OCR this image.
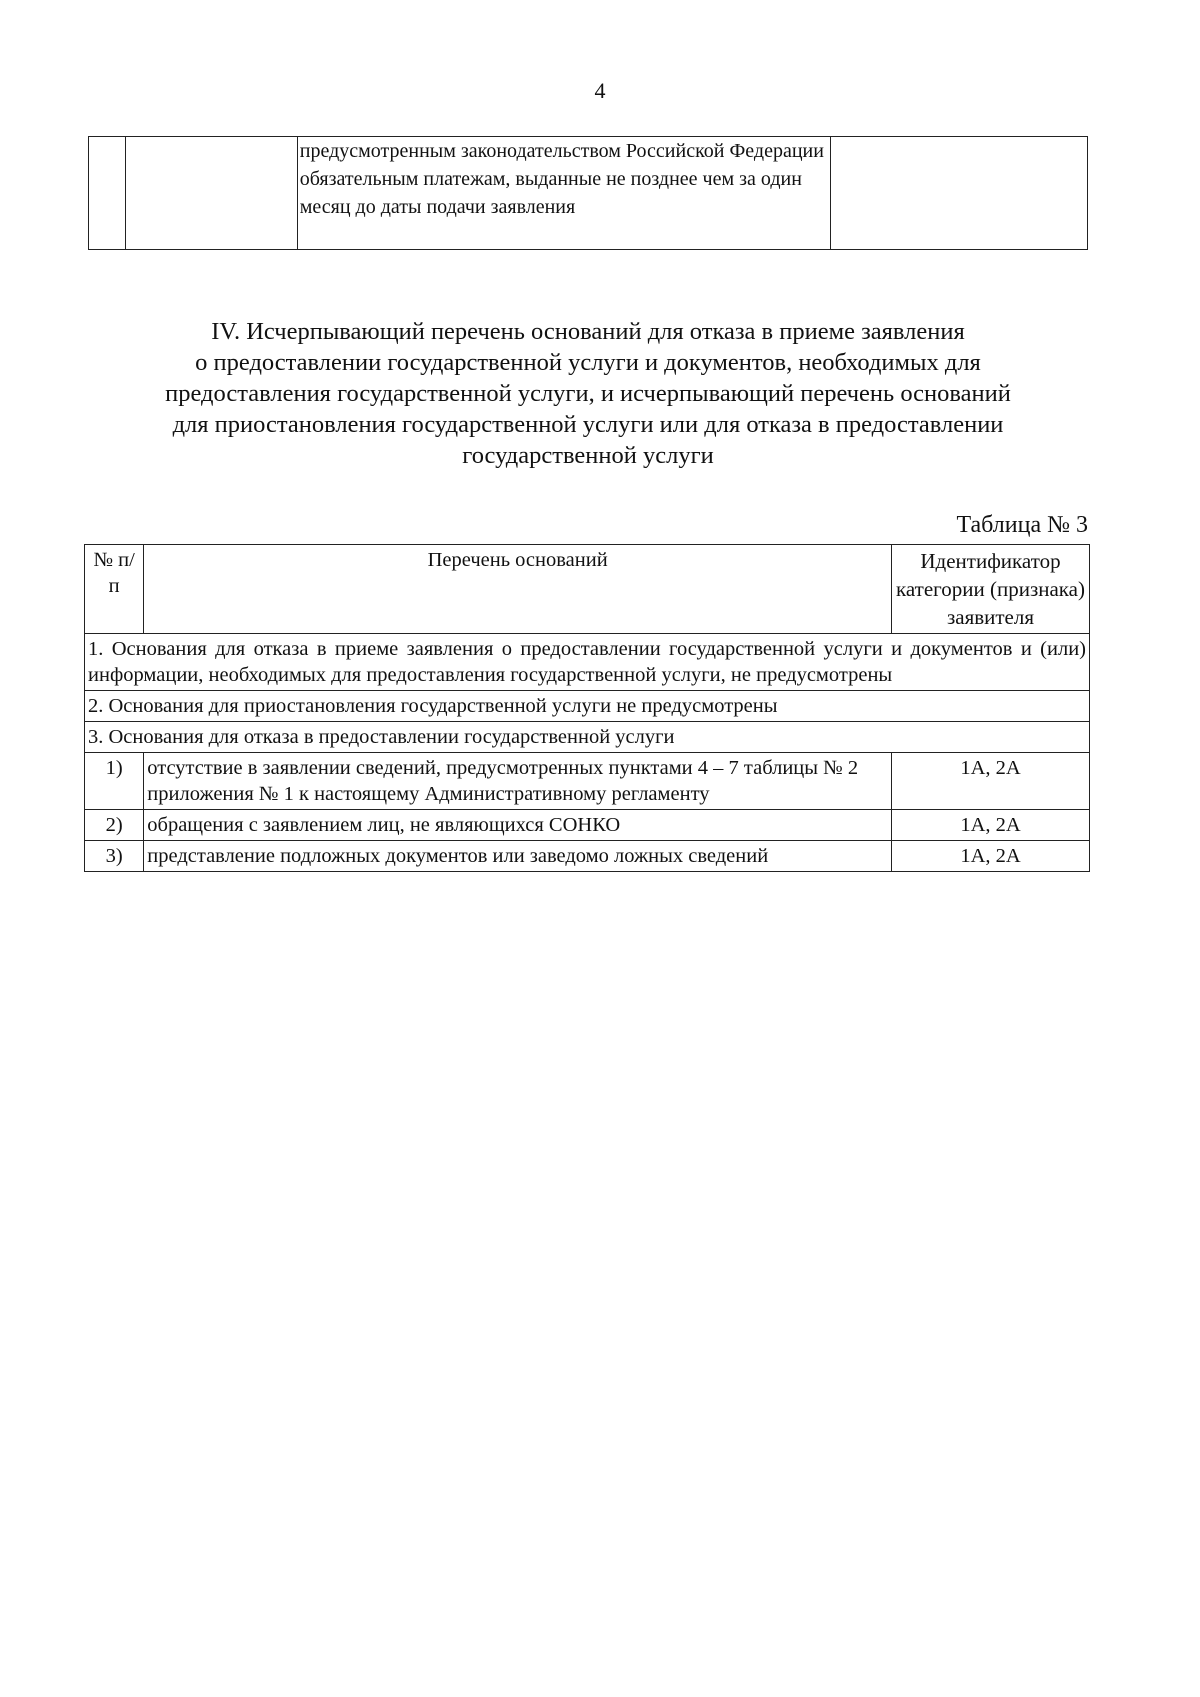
4
		предусмотренным законодательством Российской Федерации обязательным платежам, выданные не позднее чем за один месяц до даты подачи заявления	
IV. Исчерпывающий перечень оснований для отказа в приеме заявления
о предоставлении государственной услуги и документов, необходимых для
предоставления государственной услуги, и исчерпывающий перечень оснований
для приостановления государственной услуги или для отказа в предоставлении
государственной услуги
Таблица № 3
№ п/п	Перечень оснований	Идентификатор категории (признака) заявителя
1. Основания для отказа в приеме заявления о предоставлении государственной услуги и документов и (или) информации, необходимых для предоставления государственной услуги, не предусмотрены		
2. Основания для приостановления государственной услуги не предусмотрены		
3. Основания для отказа в предоставлении государственной услуги		
1)	отсутствие в заявлении сведений, предусмотренных пунктами 4 – 7 таблицы № 2 приложения № 1 к настоящему Административному регламенту	1А, 2А
2)	обращения с заявлением лиц, не являющихся СОНКО	1А, 2А
3)	представление подложных документов или заведомо ложных сведений	1А, 2А
